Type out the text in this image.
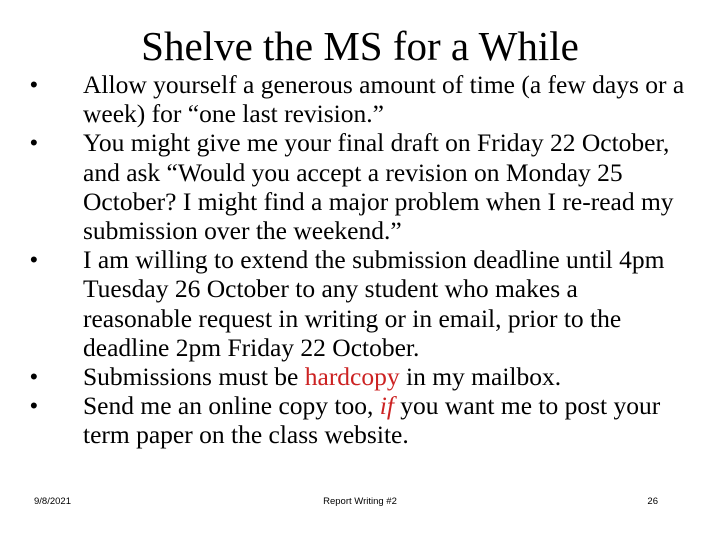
Shelve the MS for a While
• Allow yourself a generous amount of time (a few days or a week) for “one last revision.”
• You might give me your final draft on Friday 22 October, and ask “Would you accept a revision on Monday 25 October? I might find a major problem when I re-read my submission over the weekend.”
• I am willing to extend the submission deadline until 4pm Tuesday 26 October to any student who makes a reasonable request in writing or in email, prior to the deadline 2pm Friday 22 October.
• Submissions must be hardcopy in my mailbox.
• Send me an online copy too, if you want me to post your term paper on the class website.
9/8/2021	Report Writing #2	26
